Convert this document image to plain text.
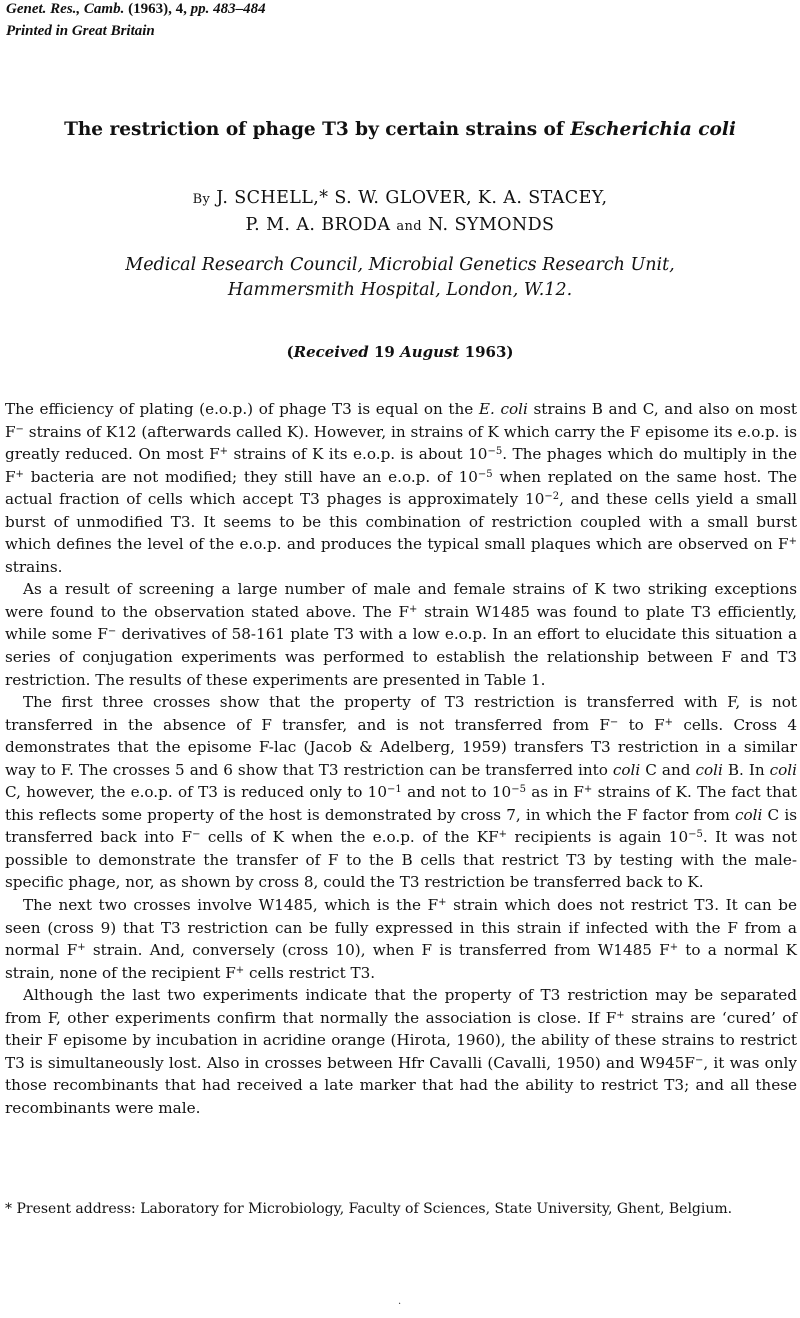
Genet. Res., Camb. (1963), 4, pp. 483–484
Printed in Great Britain
The restriction of phage T3 by certain strains of Escherichia coli
By J. SCHELL,* S. W. GLOVER, K. A. STACEY,
P. M. A. BRODA and N. SYMONDS
Medical Research Council, Microbial Genetics Research Unit,
Hammersmith Hospital, London, W.12.
(Received 19 August 1963)

The efficiency of plating (e.o.p.) of phage T3 is equal on the E. coli strains B and C, and also on most F− strains of K12 (afterwards called K). However, in strains of K which carry the F episome its e.o.p. is greatly reduced. On most F+ strains of K its e.o.p. is about $10^{-5}$. The phages which do multiply in the F+ bacteria are not modified; they still have an e.o.p. of $10^{-5}$ when replated on the same host. The actual fraction of cells which accept T3 phages is approximately $10^{-2}$, and these cells yield a small burst of unmodified T3. It seems to be this combination of restriction coupled with a small burst which defines the level of the e.o.p. and produces the typical small plaques which are observed on F+ strains.

As a result of screening a large number of male and female strains of K two striking exceptions were found to the observation stated above. The F+ strain W1485 was found to plate T3 efficiently, while some F− derivatives of 58-161 plate T3 with a low e.o.p. In an effort to elucidate this situation a series of conjugation experiments was performed to establish the relationship between F and T3 restriction. The results of these experiments are presented in Table 1.

The first three crosses show that the property of T3 restriction is transferred with F, is not transferred in the absence of F transfer, and is not transferred from F− to F+ cells. Cross 4 demonstrates that the episome F-lac (Jacob & Adelberg, 1959) transfers T3 restriction in a similar way to F. The crosses 5 and 6 show that T3 restriction can be transferred into coli C and coli B. In coli C, however, the e.o.p. of T3 is reduced only to $10^{-1}$ and not to $10^{-5}$ as in F+ strains of K. The fact that this reflects some property of the host is demonstrated by cross 7, in which the F factor from coli C is transferred back into F− cells of K when the e.o.p. of the KF+ recipients is again $10^{-5}$. It was not possible to demonstrate the transfer of F to the B cells that restrict T3 by testing with the male-specific phage, nor, as shown by cross 8, could the T3 restriction be transferred back to K.

The next two crosses involve W1485, which is the F+ strain which does not restrict T3. It can be seen (cross 9) that T3 restriction can be fully expressed in this strain if infected with the F from a normal F+ strain. And, conversely (cross 10), when F is transferred from W1485 F+ to a normal K strain, none of the recipient F+ cells restrict T3.

Although the last two experiments indicate that the property of T3 restriction may be separated from F, other experiments confirm that normally the association is close. If F+ strains are ‘cured’ of their F episome by incubation in acridine orange (Hirota, 1960), the ability of these strains to restrict T3 is simultaneously lost. Also in crosses between Hfr Cavalli (Cavalli, 1950) and W945F−, it was only those recombinants that had received a late marker that had the ability to restrict T3; and all these recombinants were male.

* Present address: Laboratory for Microbiology, Faculty of Sciences, State University, Ghent, Belgium.

.
